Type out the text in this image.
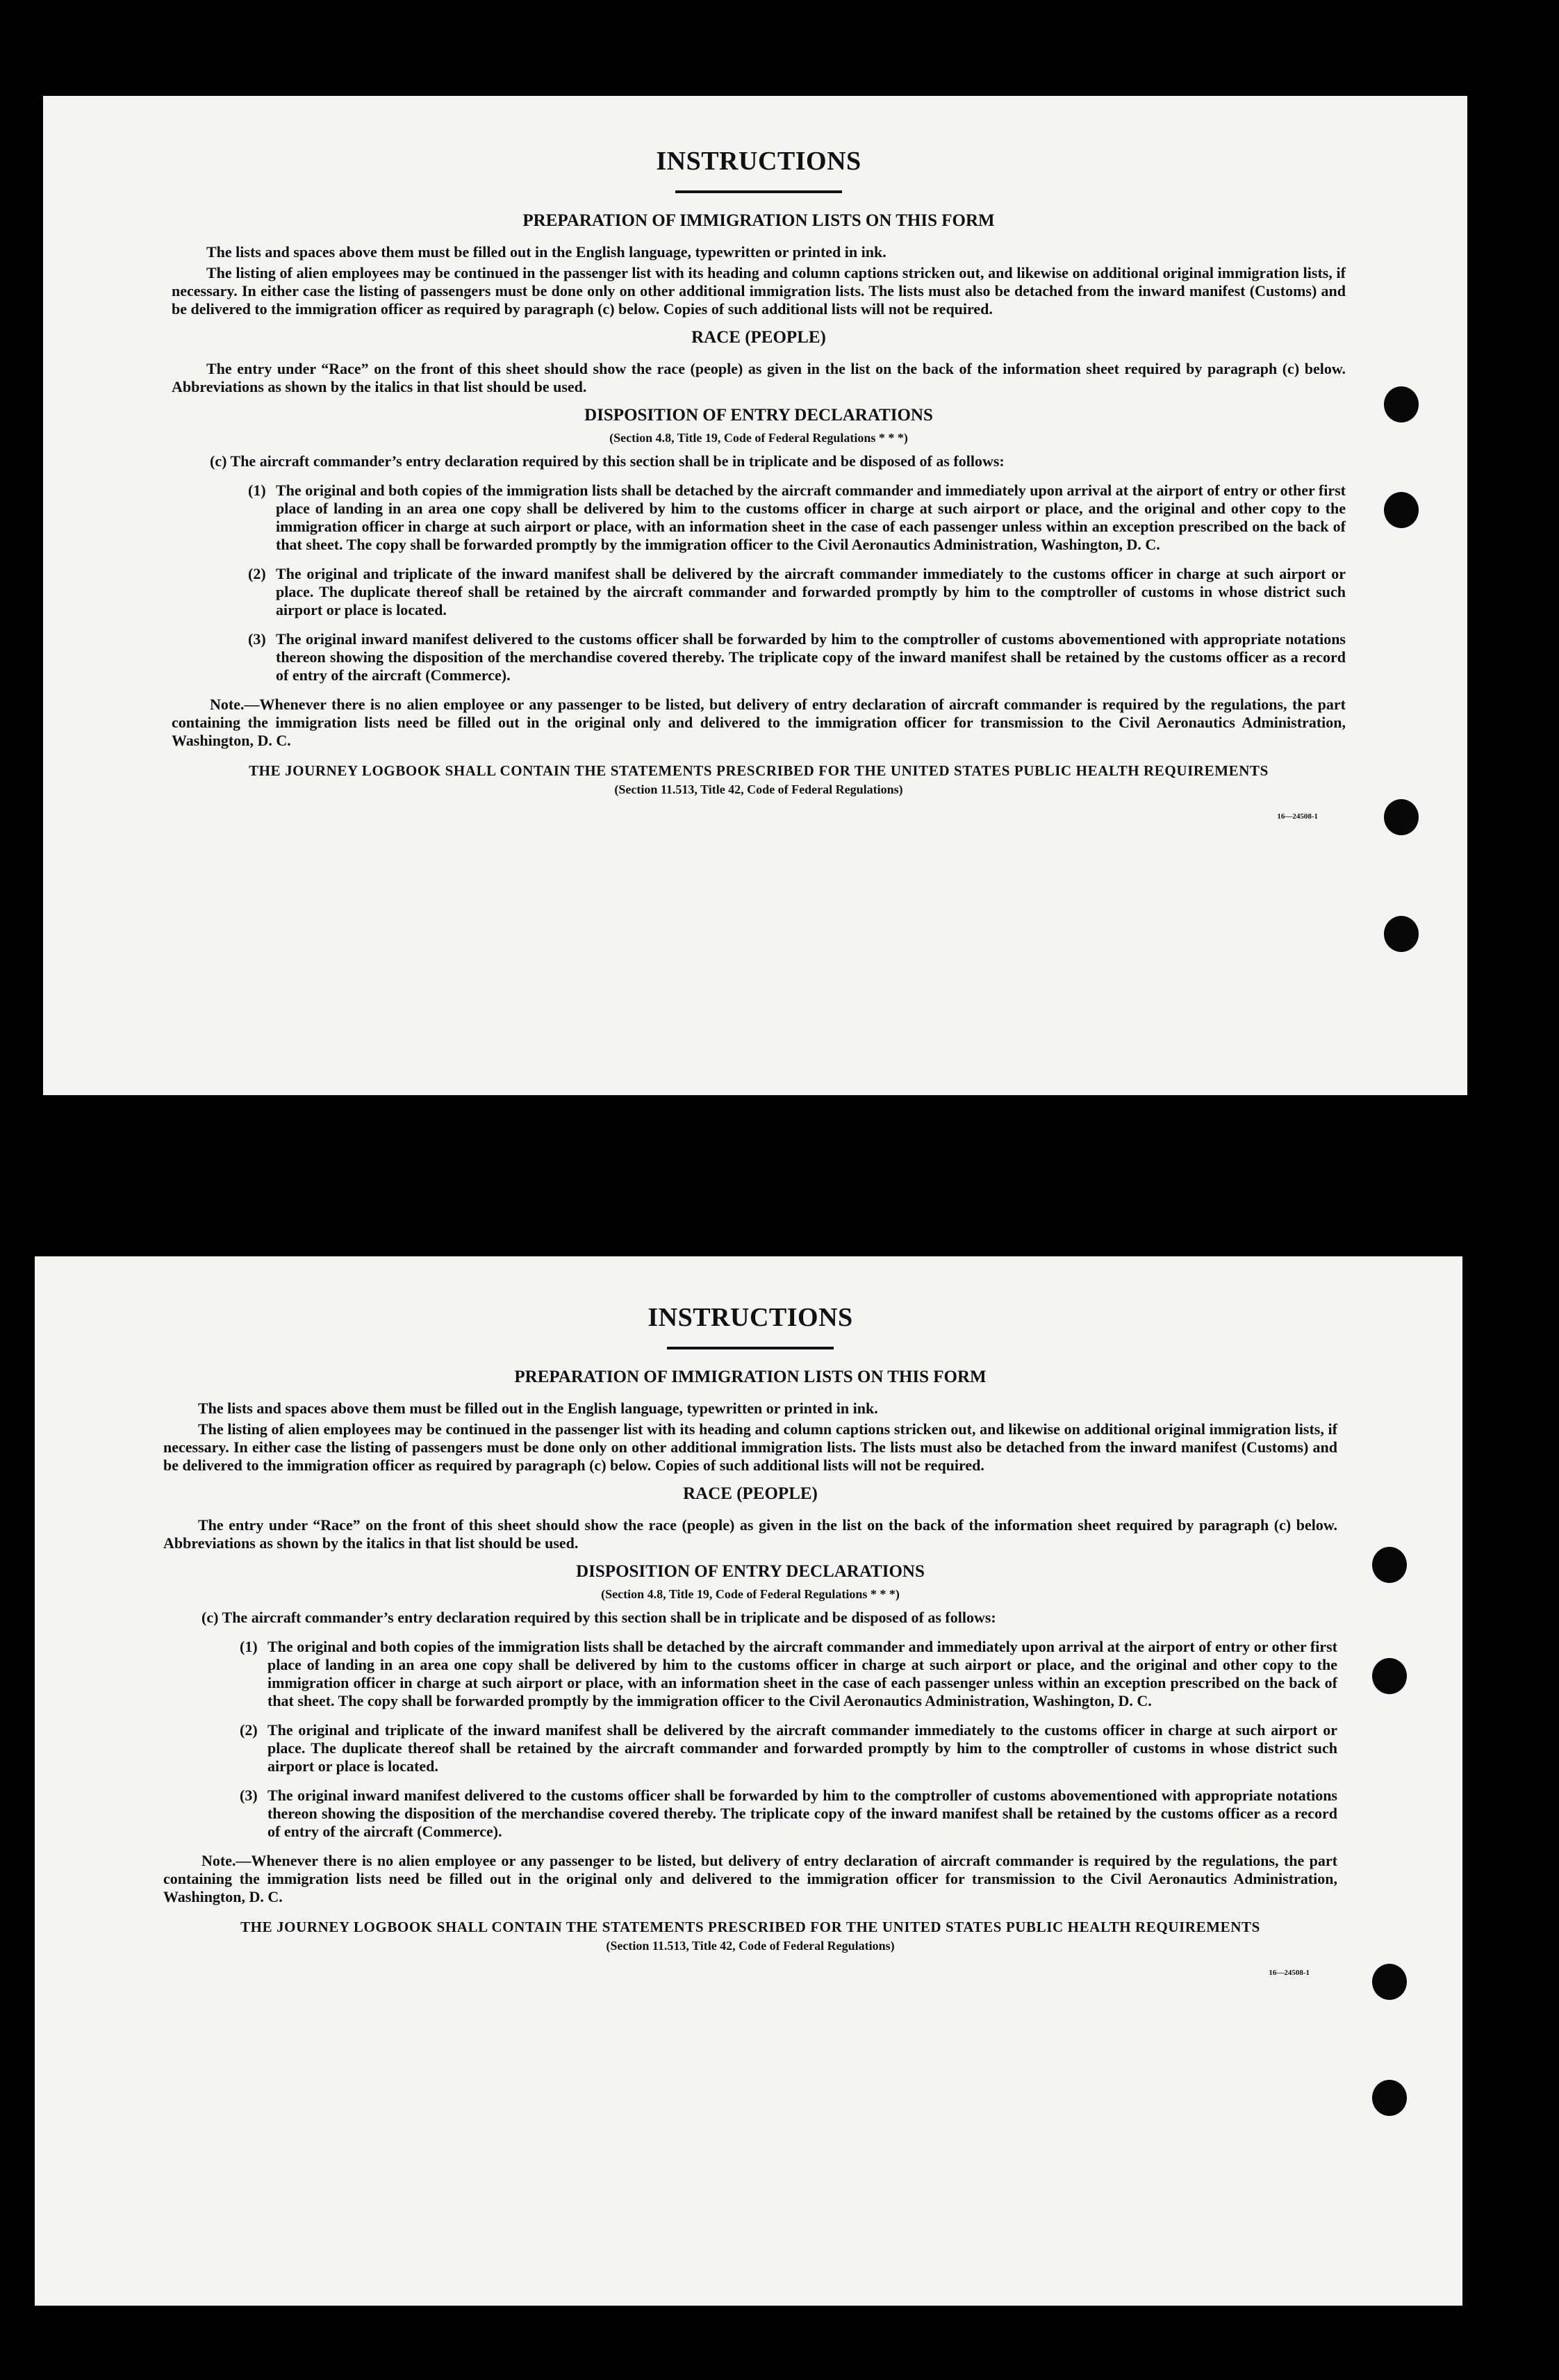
INSTRUCTIONS
PREPARATION OF IMMIGRATION LISTS ON THIS FORM

The lists and spaces above them must be filled out in the English language, typewritten or printed in ink.

The listing of alien employees may be continued in the passenger list with its heading and column captions stricken out, and likewise on additional original immigration lists, if necessary. In either case the listing of passengers must be done only on other additional immigration lists. The lists must also be detached from the inward manifest (Customs) and be delivered to the immigration officer as required by paragraph (c) below. Copies of such additional lists will not be required.

RACE (PEOPLE)

The entry under “Race” on the front of this sheet should show the race (people) as given in the list on the back of the information sheet required by paragraph (c) below. Abbreviations as shown by the italics in that list should be used.

DISPOSITION OF ENTRY DECLARATIONS
(Section 4.8, Title 19, Code of Federal Regulations * * *)
(c) The aircraft commander’s entry declaration required by this section shall be in triplicate and be disposed of as follows:
(1) The original and both copies of the immigration lists shall be detached by the aircraft commander and immediately upon arrival at the airport of entry or other first place of landing in an area one copy shall be delivered by him to the customs officer in charge at such airport or place, and the original and other copy to the immigration officer in charge at such airport or place, with an information sheet in the case of each passenger unless within an exception prescribed on the back of that sheet. The copy shall be forwarded promptly by the immigration officer to the Civil Aeronautics Administration, Washington, D. C.
(2) The original and triplicate of the inward manifest shall be delivered by the aircraft commander immediately to the customs officer in charge at such airport or place. The duplicate thereof shall be retained by the aircraft commander and forwarded promptly by him to the comptroller of customs in whose district such airport or place is located.
(3) The original inward manifest delivered to the customs officer shall be forwarded by him to the comptroller of customs abovementioned with appropriate notations thereon showing the disposition of the merchandise covered thereby. The triplicate copy of the inward manifest shall be retained by the customs officer as a record of entry of the aircraft (Commerce).

Note.—Whenever there is no alien employee or any passenger to be listed, but delivery of entry declaration of aircraft commander is required by the regulations, the part containing the immigration lists need be filled out in the original only and delivered to the immigration officer for transmission to the Civil Aeronautics Administration, Washington, D. C.

THE JOURNEY LOGBOOK SHALL CONTAIN THE STATEMENTS PRESCRIBED FOR THE UNITED STATES PUBLIC HEALTH REQUIREMENTS
(Section 11.513, Title 42, Code of Federal Regulations)
16—24508-1
INSTRUCTIONS
PREPARATION OF IMMIGRATION LISTS ON THIS FORM

The lists and spaces above them must be filled out in the English language, typewritten or printed in ink.

The listing of alien employees may be continued in the passenger list with its heading and column captions stricken out, and likewise on additional original immigration lists, if necessary. In either case the listing of passengers must be done only on other additional immigration lists. The lists must also be detached from the inward manifest (Customs) and be delivered to the immigration officer as required by paragraph (c) below. Copies of such additional lists will not be required.

RACE (PEOPLE)

The entry under “Race” on the front of this sheet should show the race (people) as given in the list on the back of the information sheet required by paragraph (c) below. Abbreviations as shown by the italics in that list should be used.

DISPOSITION OF ENTRY DECLARATIONS
(Section 4.8, Title 19, Code of Federal Regulations * * *)
(c) The aircraft commander’s entry declaration required by this section shall be in triplicate and be disposed of as follows:
(1) The original and both copies of the immigration lists shall be detached by the aircraft commander and immediately upon arrival at the airport of entry or other first place of landing in an area one copy shall be delivered by him to the customs officer in charge at such airport or place, and the original and other copy to the immigration officer in charge at such airport or place, with an information sheet in the case of each passenger unless within an exception prescribed on the back of that sheet. The copy shall be forwarded promptly by the immigration officer to the Civil Aeronautics Administration, Washington, D. C.
(2) The original and triplicate of the inward manifest shall be delivered by the aircraft commander immediately to the customs officer in charge at such airport or place. The duplicate thereof shall be retained by the aircraft commander and forwarded promptly by him to the comptroller of customs in whose district such airport or place is located.
(3) The original inward manifest delivered to the customs officer shall be forwarded by him to the comptroller of customs abovementioned with appropriate notations thereon showing the disposition of the merchandise covered thereby. The triplicate copy of the inward manifest shall be retained by the customs officer as a record of entry of the aircraft (Commerce).

Note.—Whenever there is no alien employee or any passenger to be listed, but delivery of entry declaration of aircraft commander is required by the regulations, the part containing the immigration lists need be filled out in the original only and delivered to the immigration officer for transmission to the Civil Aeronautics Administration, Washington, D. C.

THE JOURNEY LOGBOOK SHALL CONTAIN THE STATEMENTS PRESCRIBED FOR THE UNITED STATES PUBLIC HEALTH REQUIREMENTS
(Section 11.513, Title 42, Code of Federal Regulations)
16—24508-1
